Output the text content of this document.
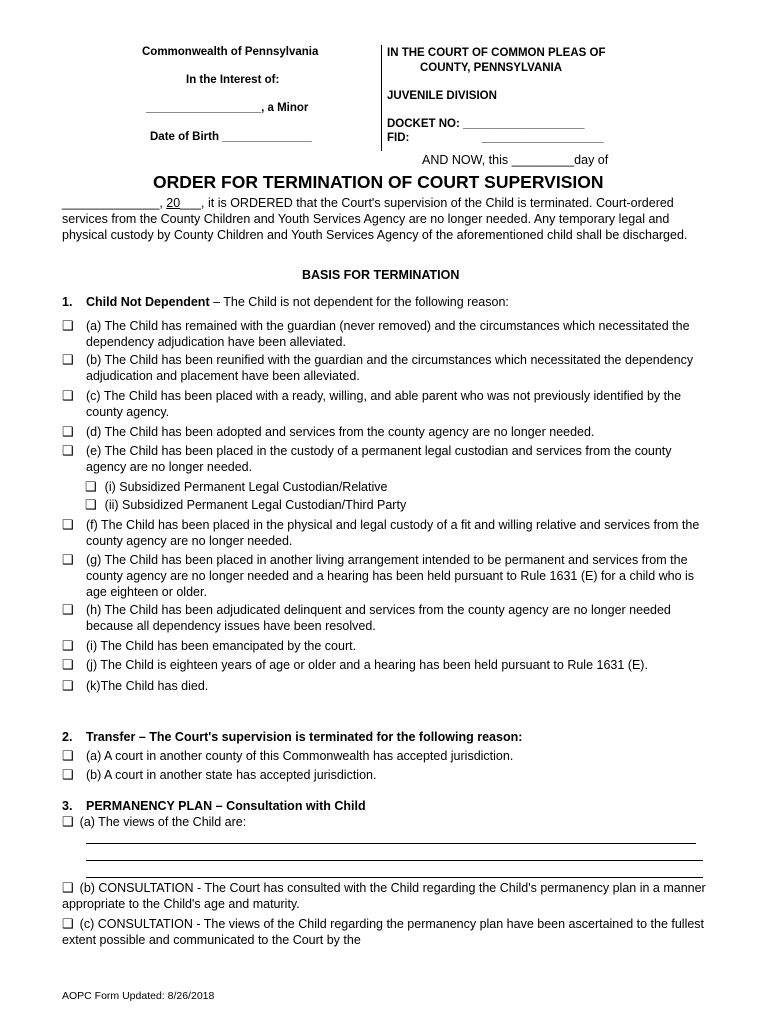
Commonwealth of Pennsylvania
In the Interest of:
__________________, a Minor
Date of Birth ______________
IN THE COURT OF COMMON PLEAS OF
COUNTY, PENNSYLVANIA
JUVENILE DIVISION
DOCKET NO: ___________________
FID:	___________________
AND NOW, this _________day of
ORDER FOR TERMINATION OF COURT SUPERVISION
______________, 20___, it is ORDERED that the Court's supervision of the Child is terminated. Court-ordered services from the County Children and Youth Services Agency are no longer needed. Any temporary legal and physical custody by County Children and Youth Services Agency of the aforementioned child shall be discharged.
BASIS FOR TERMINATION
1. Child Not Dependent – The Child is not dependent for the following reason:
❑ (a) The Child has remained with the guardian (never removed) and the circumstances which necessitated the dependency adjudication have been alleviated.
❑ (b) The Child has been reunified with the guardian and the circumstances which necessitated the dependency adjudication and placement have been alleviated.
❑ (c) The Child has been placed with a ready, willing, and able parent who was not previously identified by the county agency.
❑ (d) The Child has been adopted and services from the county agency are no longer needed.
❑ (e) The Child has been placed in the custody of a permanent legal custodian and services from the county agency are no longer needed.
❑ (i) Subsidized Permanent Legal Custodian/Relative
❑ (ii) Subsidized Permanent Legal Custodian/Third Party
❑ (f) The Child has been placed in the physical and legal custody of a fit and willing relative and services from the county agency are no longer needed.
❑ (g) The Child has been placed in another living arrangement intended to be permanent and services from the county agency are no longer needed and a hearing has been held pursuant to Rule 1631 (E) for a child who is age eighteen or older.
❑ (h) The Child has been adjudicated delinquent and services from the county agency are no longer needed because all dependency issues have been resolved.
❑ (i) The Child has been emancipated by the court.
❑ (j) The Child is eighteen years of age or older and a hearing has been held pursuant to Rule 1631 (E).
❑ (k)The Child has died.
2. Transfer – The Court's supervision is terminated for the following reason:
❑ (a) A court in another county of this Commonwealth has accepted jurisdiction.
❑ (b) A court in another state has accepted jurisdiction.
3. PERMANENCY PLAN – Consultation with Child
❑ (a) The views of the Child are:
❑ (b) CONSULTATION - The Court has consulted with the Child regarding the Child's permanency plan in a manner appropriate to the Child's age and maturity.
❑ (c) CONSULTATION - The views of the Child regarding the permanency plan have been ascertained to the fullest extent possible and communicated to the Court by the
AOPC Form Updated: 8/26/2018
